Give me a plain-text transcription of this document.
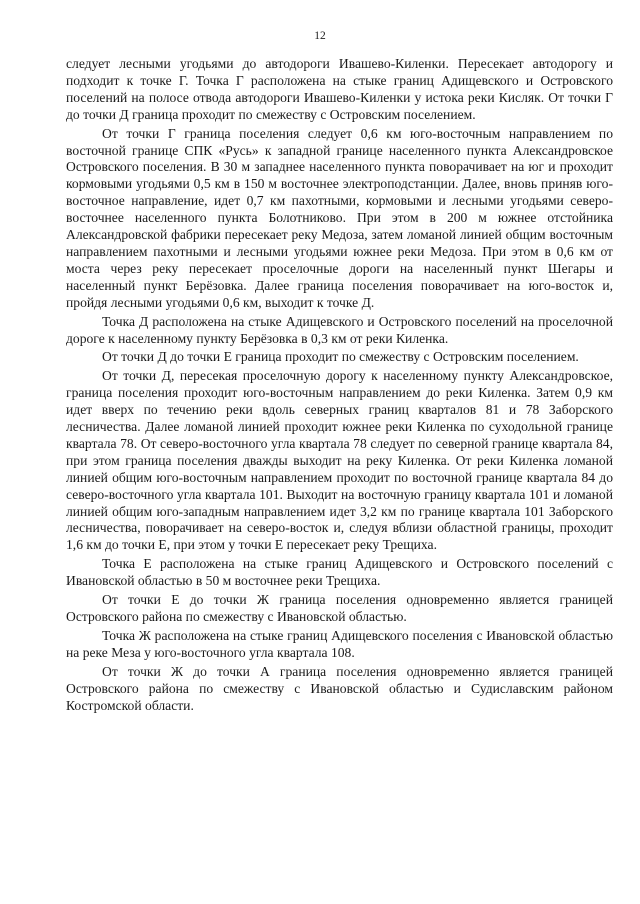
12

следует лесными угодьями до автодороги Ивашево-Киленки. Пересекает автодорогу и подходит к точке Г. Точка Г расположена на стыке границ Адищевского и Островского поселений на полосе отвода автодороги Ивашево-Киленки у истока реки Кисляк. От точки Г до точки Д граница проходит по смежеству с Островским поселением.

От точки Г граница поселения следует 0,6 км юго-восточным направлением по восточной границе СПК «Русь» к западной границе населенного пункта Александровское Островского поселения. В 30 м западнее населенного пункта поворачивает на юг и проходит кормовыми угодьями 0,5 км в 150 м восточнее электроподстанции. Далее, вновь приняв юго-восточное направление, идет 0,7 км пахотными, кормовыми и лесными угодьями северо-восточнее населенного пункта Болотниково. При этом в 200 м южнее отстойника Александровской фабрики пересекает реку Медоза, затем ломаной линией общим восточным направлением пахотными и лесными угодьями южнее реки Медоза. При этом в 0,6 км от моста через реку пересекает проселочные дороги на населенный пункт Шегары и населенный пункт Берёзовка. Далее граница поселения поворачивает на юго-восток и, пройдя лесными угодьями 0,6 км, выходит к точке Д.

Точка Д расположена на стыке Адищевского и Островского поселений на проселочной дороге к населенному пункту Берёзовка в 0,3 км от реки Киленка.

От точки Д до точки Е граница проходит по смежеству с Островским поселением.

От точки Д, пересекая проселочную дорогу к населенному пункту Александровское, граница поселения проходит юго-восточным направлением до реки Киленка. Затем 0,9 км идет вверх по течению реки вдоль северных границ кварталов 81 и 78 Заборского лесничества. Далее ломаной линией проходит южнее реки Киленка по суходольной границе квартала 78. От северо-восточного угла квартала 78 следует по северной границе квартала 84, при этом граница поселения дважды выходит на реку Киленка. От реки Киленка ломаной линией общим юго-восточным направлением проходит по восточной границе квартала 84 до северо-восточного угла квартала 101. Выходит на восточную границу квартала 101 и ломаной линией общим юго-западным направлением идет 3,2 км по границе квартала 101 Заборского лесничества, поворачивает на северо-восток и, следуя вблизи областной границы, проходит 1,6 км до точки Е, при этом у точки Е пересекает реку Трещиха.

Точка Е расположена на стыке границ Адищевского и Островского поселений с Ивановской областью в 50 м восточнее реки Трещиха.

От точки Е до точки Ж граница поселения одновременно является границей Островского района по смежеству с Ивановской областью.

Точка Ж расположена на стыке границ Адищевского поселения с Ивановской областью на реке Меза у юго-восточного угла квартала 108.

От точки Ж до точки А граница поселения одновременно является границей Островского района по смежеству с Ивановской областью и Судиславским районом Костромской области.
